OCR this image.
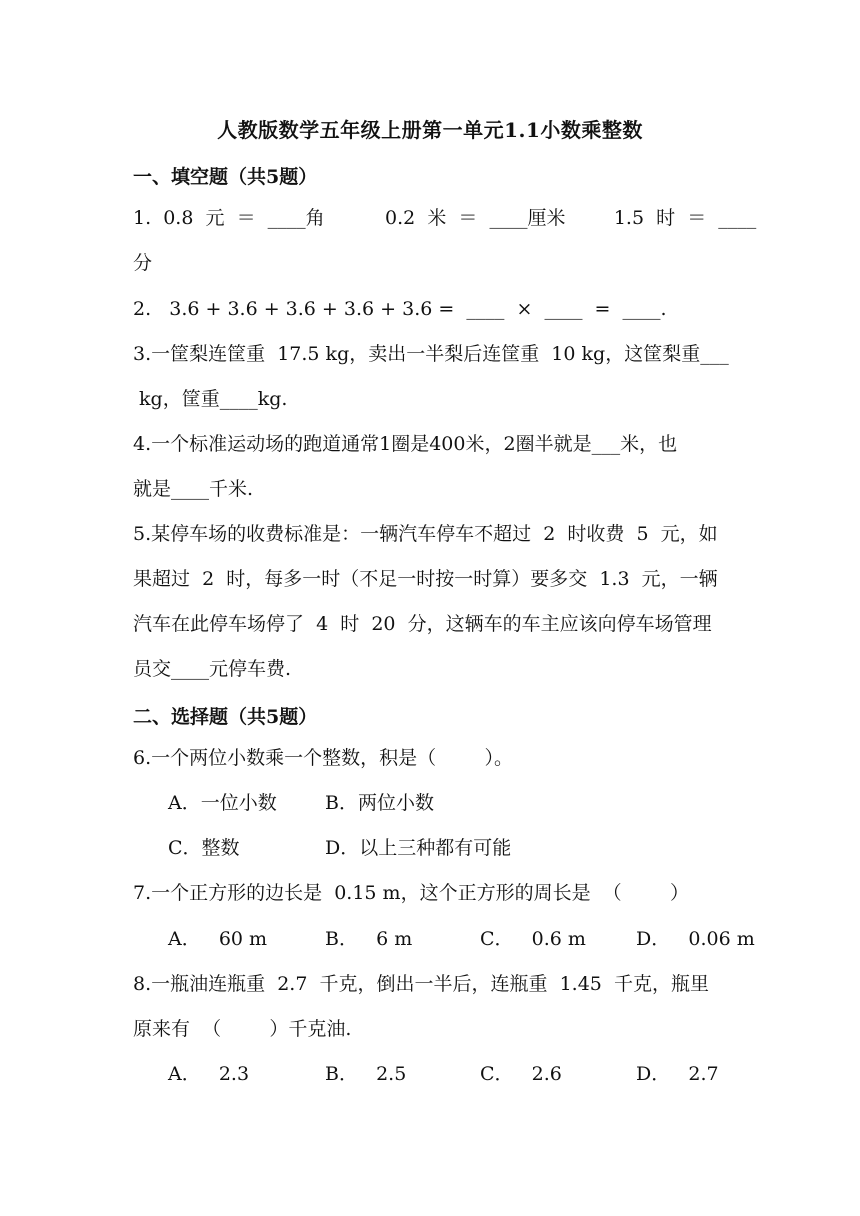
人教版数学五年级上册第一单元1.1小数乘整数
一、填空题（共5题）
1.  0.8  元  ＝  ____角          0.2  米  ＝  ____厘米        1.5  时  ＝  ____
分
2.   3.6 + 3.6 + 3.6 + 3.6 + 3.6 =  ____  ×  ____  =  ____.
3.一筐梨连筐重  17.5 kg，卖出一半梨后连筐重  10 kg，这筐梨重___
kg，筐重____kg.
4.一个标准运动场的跑道通常1圈是400米，2圈半就是___米，也
就是____千米.
5.某停车场的收费标准是：一辆汽车停车不超过  2  时收费  5  元，如
果超过  2  时，每多一时（不足一时按一时算）要多交  1.3  元，一辆
汽车在此停车场停了  4  时  20  分，这辆车的车主应该向停车场管理
员交____元停车费.
二、选择题（共5题）
6.一个两位小数乘一个整数，积是（        ）。
A．一位小数	B．两位小数
C．整数	D．以上三种都有可能
7.一个正方形的边长是  0.15 m，这个正方形的周长是  （        ）
A．   60 m	B．   6 m	C．   0.6 m	D．   0.06 m
8.一瓶油连瓶重  2.7  千克，倒出一半后，连瓶重  1.45  千克，瓶里
原来有  （        ）千克油.
A．   2.3	B．   2.5	C．   2.6	D．   2.7
